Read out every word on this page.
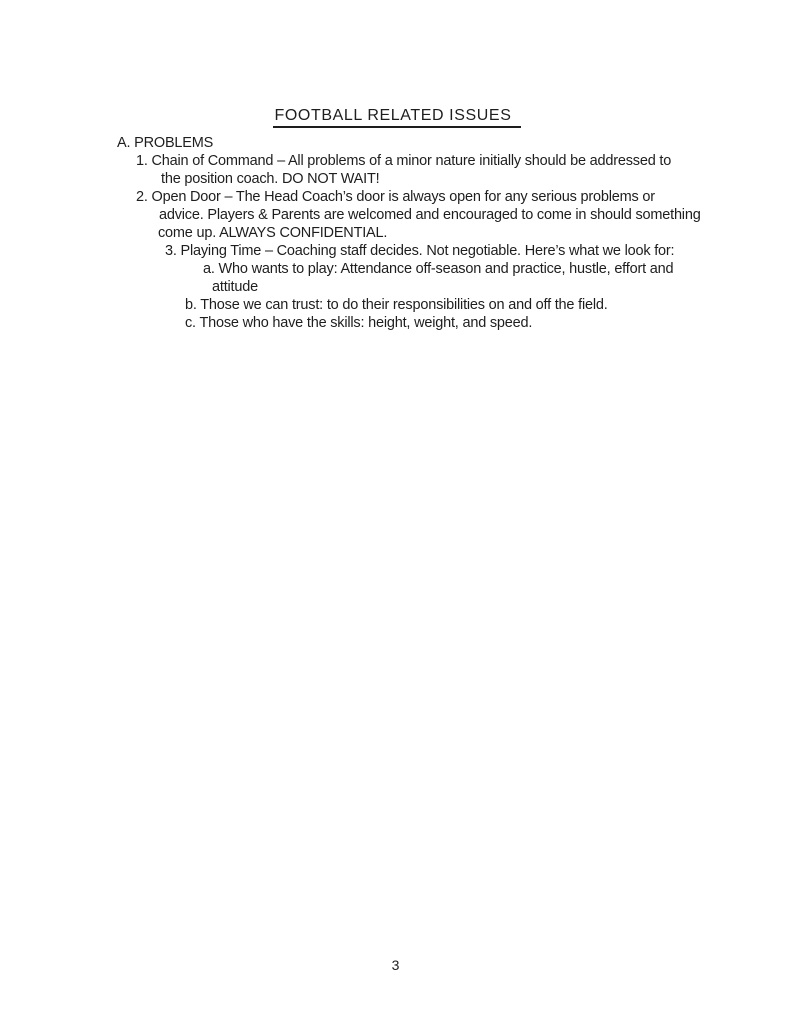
FOOTBALL RELATED ISSUES
A. PROBLEMS
1. Chain of Command – All problems of a minor nature initially should be addressed to
the position coach. DO NOT WAIT!
2. Open Door – The Head Coach’s door is always open for any serious problems or
advice. Players & Parents are welcomed and encouraged to come in should something
come up. ALWAYS CONFIDENTIAL.
3. Playing Time – Coaching staff decides. Not negotiable. Here’s what we look for:
a. Who wants to play: Attendance off-season and practice, hustle, effort and
attitude
b. Those we can trust: to do their responsibilities on and off the field.
c. Those who have the skills: height, weight, and speed.
3
